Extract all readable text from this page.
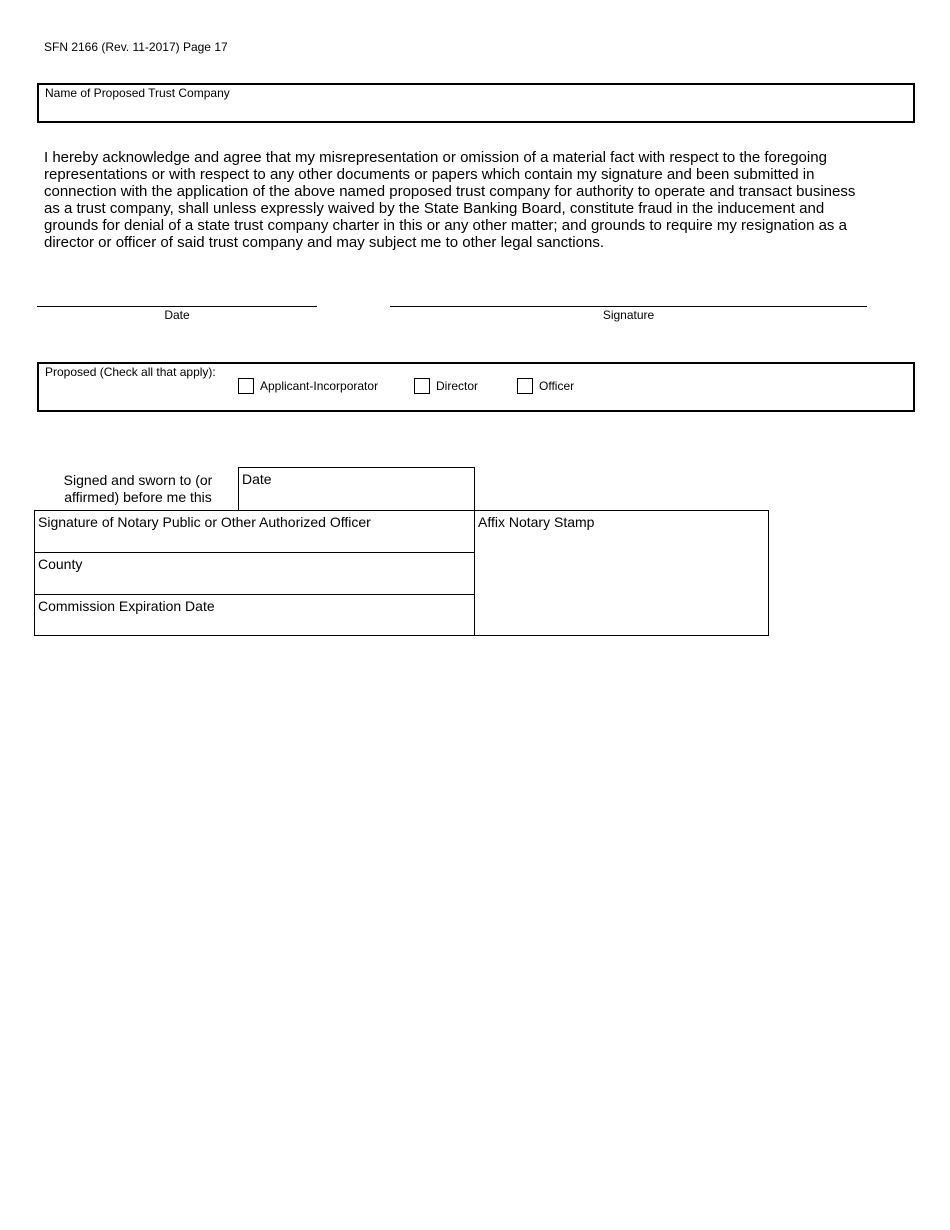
SFN 2166 (Rev. 11-2017) Page 17
Name of Proposed Trust Company
I hereby acknowledge and agree that my misrepresentation or omission of a material fact with respect to the foregoing representations or with respect to any other documents or papers which contain my signature and been submitted in connection with the application of the above named proposed trust company for authority to operate and transact business as a trust company, shall unless expressly waived by the State Banking Board, constitute fraud in the inducement and grounds for denial of a state trust company charter in this or any other matter; and grounds to require my resignation as a director or officer of said trust company and may subject me to other legal sanctions.
Date	Signature
Proposed (Check all that apply):
Applicant-Incorporator	Director	Officer
Signed and sworn to (or affirmed) before me this
Date
Signature of Notary Public or Other Authorized Officer
County
Commission Expiration Date
Affix Notary Stamp
